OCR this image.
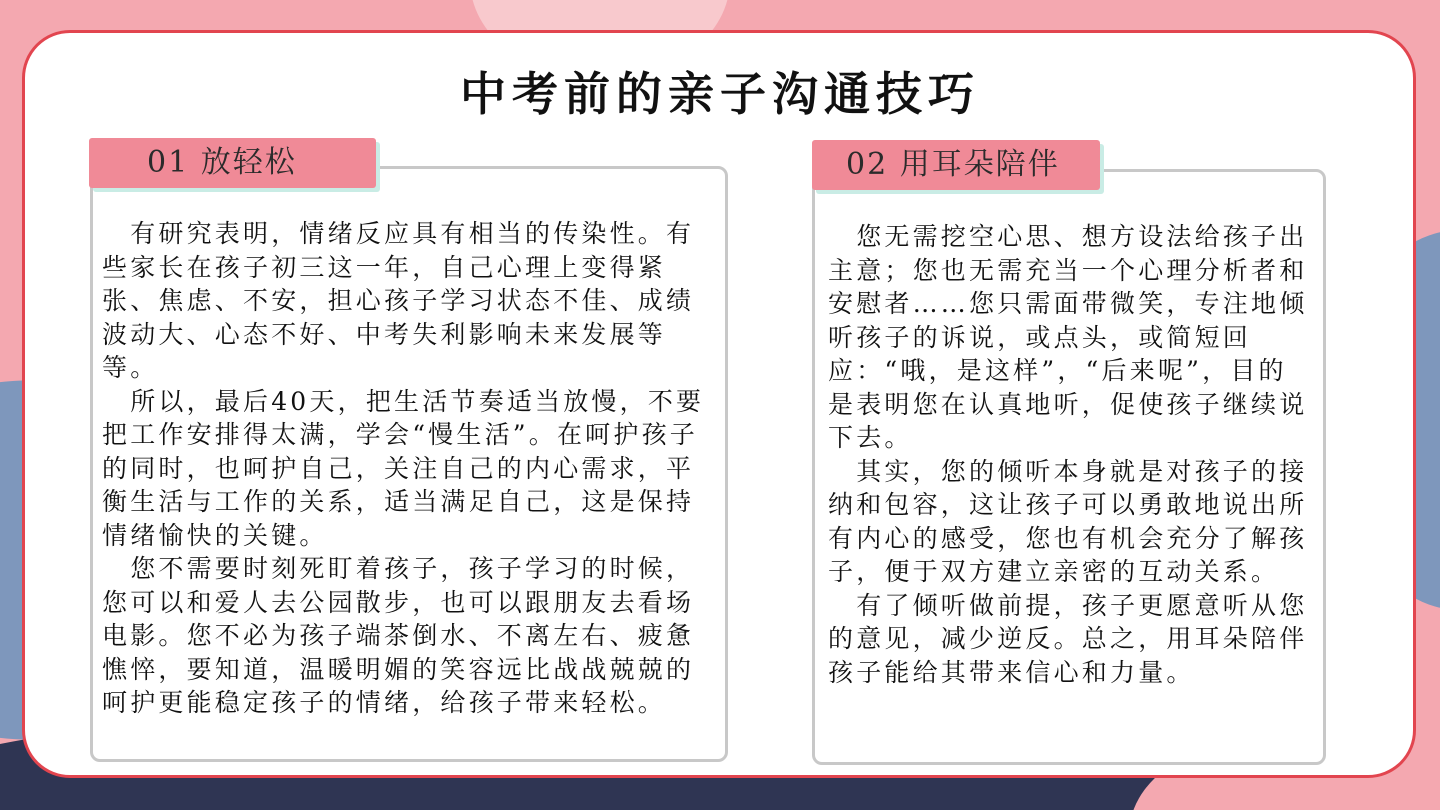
中考前的亲子沟通技巧
01 放轻松

　有研究表明，情绪反应具有相当的传染性。有些家长在孩子初三这一年，自己心理上变得紧张、焦虑、不安，担心孩子学习状态不佳、成绩波动大、心态不好、中考失利影响未来发展等等。

　所以，最后40天，把生活节奏适当放慢，不要把工作安排得太满，学会“慢生活”。在呵护孩子的同时，也呵护自己，关注自己的内心需求，平衡生活与工作的关系，适当满足自己，这是保持情绪愉快的关键。

　您不需要时刻死盯着孩子，孩子学习的时候，您可以和爱人去公园散步，也可以跟朋友去看场电影。您不必为孩子端茶倒水、不离左右、疲惫憔悴，要知道，温暖明媚的笑容远比战战兢兢的呵护更能稳定孩子的情绪，给孩子带来轻松。

02 用耳朵陪伴

　您无需挖空心思、想方设法给孩子出主意；您也无需充当一个心理分析者和安慰者……您只需面带微笑，专注地倾听孩子的诉说，或点头，或简短回应：“哦，是这样”，“后来呢”，目的是表明您在认真地听，促使孩子继续说下去。

　其实，您的倾听本身就是对孩子的接纳和包容，这让孩子可以勇敢地说出所有内心的感受，您也有机会充分了解孩子，便于双方建立亲密的互动关系。

　有了倾听做前提，孩子更愿意听从您的意见，减少逆反。总之，用耳朵陪伴孩子能给其带来信心和力量。
